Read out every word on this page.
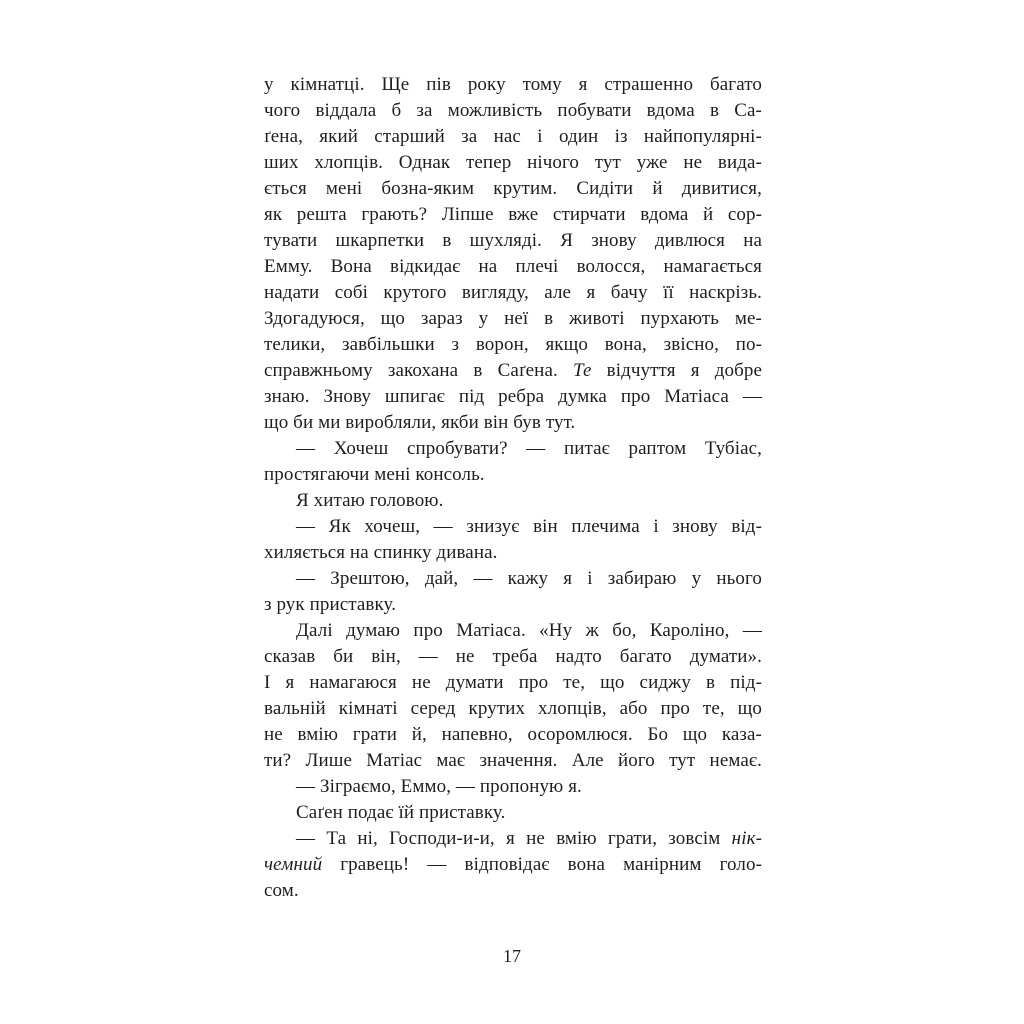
у кімнатці. Ще пів року тому я страшенно багато
чого віддала б за можливість побувати вдома в Са-
ґена, який старший за нас і один із найпопулярні-
ших хлопців. Однак тепер нічого тут уже не вида-
ється мені бозна-яким крутим. Сидіти й дивитися,
як решта грають? Ліпше вже стирчати вдома й сор-
тувати шкарпетки в шухляді. Я знову дивлюся на
Емму. Вона відкидає на плечі волосся, намагається
надати собі крутого вигляду, але я бачу її наскрізь.
Здогадуюся, що зараз у неї в животі пурхають ме-
телики, завбільшки з ворон, якщо вона, звісно, по-
справжньому закохана в Саґена. Те відчуття я добре
знаю. Знову шпигає під ребра думка про Матіаса —
що би ми виробляли, якби він був тут.
— Хочеш спробувати? — питає раптом Тубіас,
простягаючи мені консоль.
Я хитаю головою.
— Як хочеш, — знизує він плечима і знову від-
хиляється на спинку дивана.
— Зрештою, дай, — кажу я і забираю у нього
з рук приставку.
Далі думаю про Матіаса. «Ну ж бо, Кароліно, —
сказав би він, — не треба надто багато думати».
І я намагаюся не думати про те, що сиджу в під-
вальній кімнаті серед крутих хлопців, або про те, що
не вмію грати й, напевно, осоромлюся. Бо що каза-
ти? Лише Матіас має значення. Але його тут немає.
— Зіграємо, Еммо, — пропоную я.
Саґен подає їй приставку.
— Та ні, Господи-и-и, я не вмію грати, зовсім нік-
чемний гравець! — відповідає вона манірним голо-
сом.
17
